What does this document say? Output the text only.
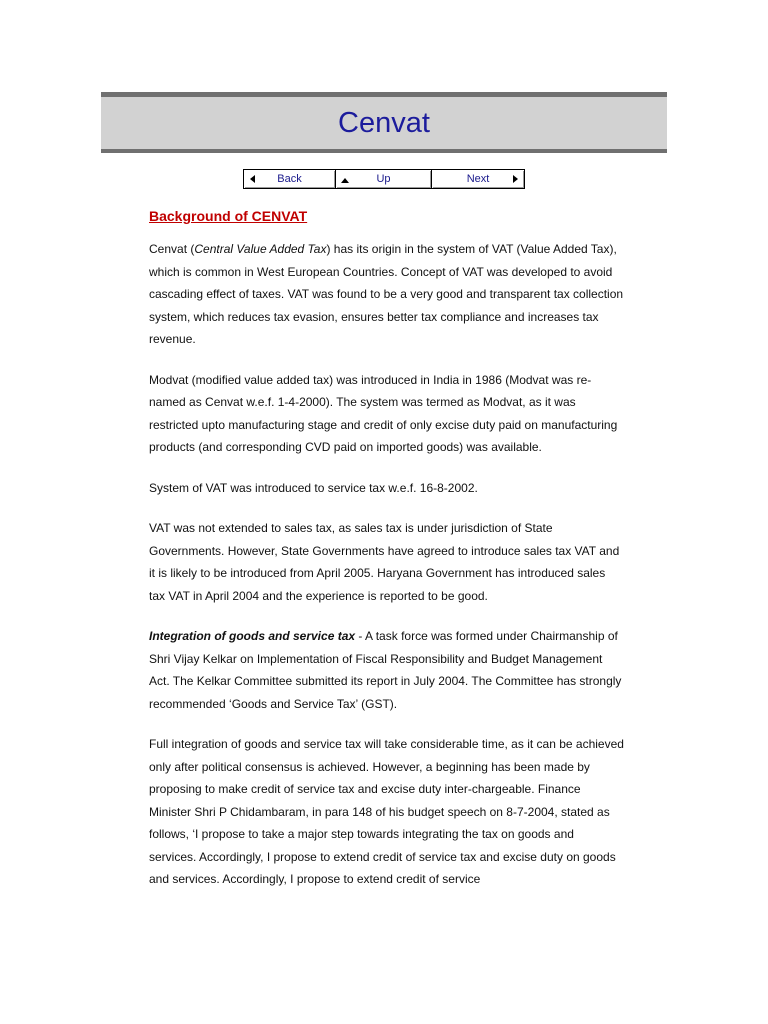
Cenvat
Back	Up	Next
Background of CENVAT

Cenvat (Central Value Added Tax) has its origin in the system of VAT (Value Added Tax), which is common in West European Countries. Concept of VAT was developed to avoid cascading effect of taxes. VAT was found to be a very good and transparent tax collection system, which reduces tax evasion, ensures better tax compliance and increases tax revenue.

Modvat (modified value added tax) was introduced in India in 1986 (Modvat was re-named as Cenvat w.e.f. 1-4-2000). The system was termed as Modvat, as it was restricted upto manufacturing stage and credit of only excise duty paid on manufacturing products (and corresponding CVD paid on imported goods) was available.

System of VAT was introduced to service tax w.e.f. 16-8-2002.

VAT was not extended to sales tax, as sales tax is under jurisdiction of State Governments. However, State Governments have agreed to introduce sales tax VAT and it is likely to be introduced from April 2005. Haryana Government has introduced sales tax VAT in April 2004 and the experience is reported to be good.

Integration of goods and service tax - A task force was formed under Chairmanship of Shri Vijay Kelkar on Implementation of Fiscal Responsibility and Budget Management Act. The Kelkar Committee submitted its report in July 2004. The Committee has strongly recommended ‘Goods and Service Tax’ (GST).

Full integration of goods and service tax will take considerable time, as it can be achieved only after political consensus is achieved. However, a beginning has been made by proposing to make credit of service tax and excise duty inter-chargeable. Finance Minister Shri P Chidambaram, in para 148 of his budget speech on 8-7-2004, stated as follows, ‘I propose to take a major step towards integrating the tax on goods and services. Accordingly, I propose to extend credit of service tax and excise duty on goods and services. Accordingly, I propose to extend credit of service
